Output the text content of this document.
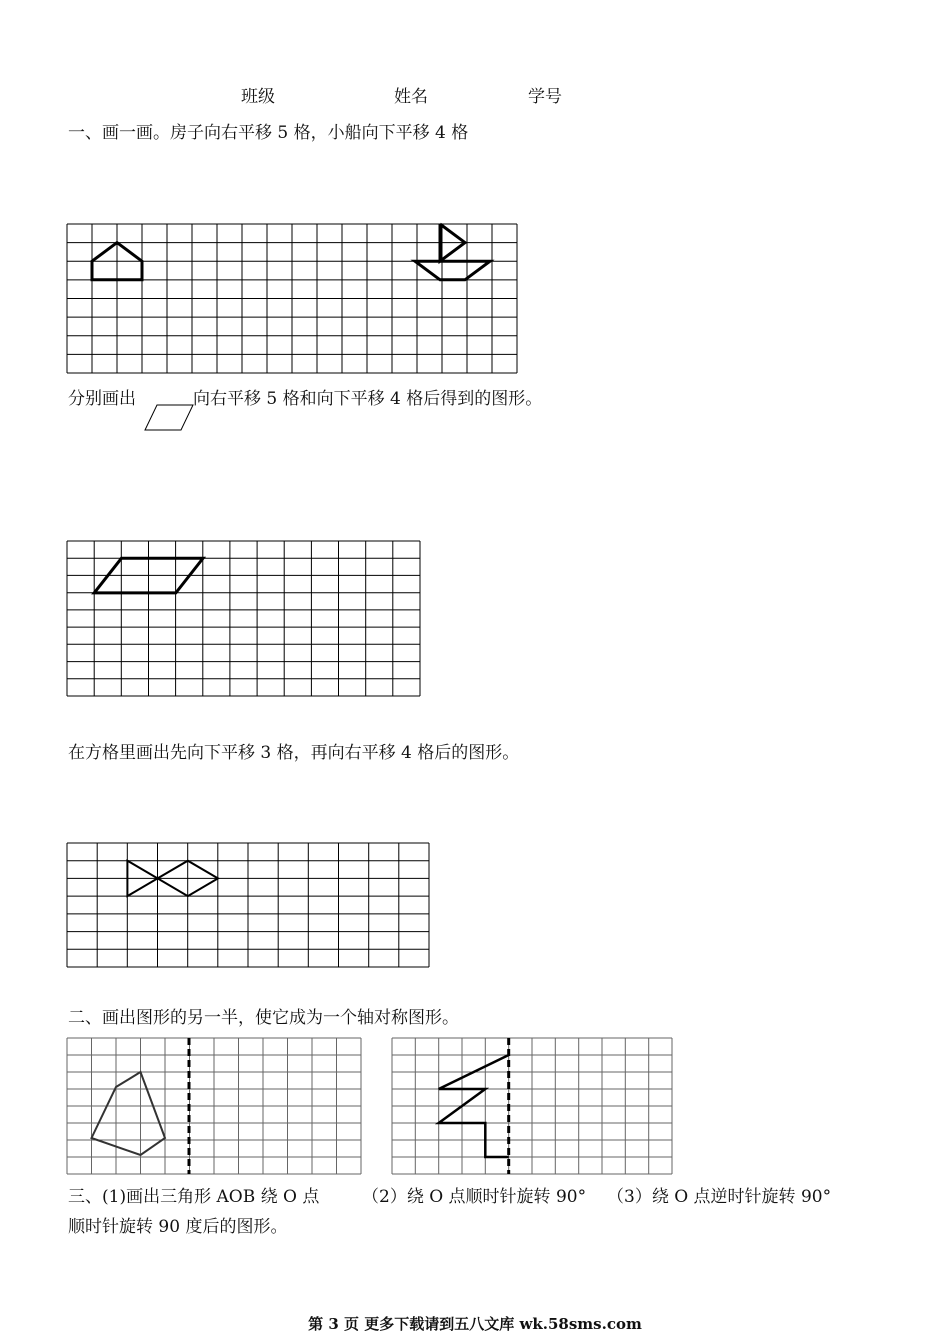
班级	姓名	学号
一、画一画。房子向右平移 5 格，小船向下平移 4 格
分别画出	向右平移 5 格和向下平移 4 格后得到的图形。
在方格里画出先向下平移 3 格，再向右平移 4 格后的图形。
二、画出图形的另一半，使它成为一个轴对称图形。
三、(1)画出三角形 AOB 绕 O 点	（2）绕 O 点顺时针旋转 90° （3）绕 O 点逆时针旋转 90°
顺时针旋转 90 度后的图形。
第 3 页 更多下载请到五八文库 wk.58sms.com
